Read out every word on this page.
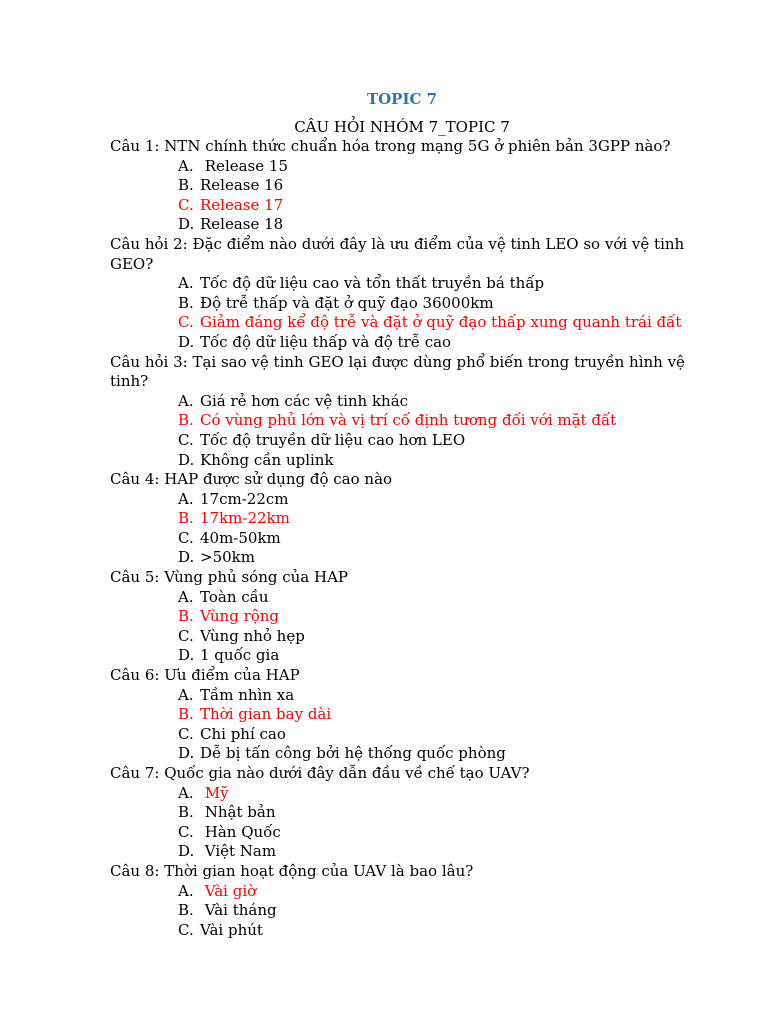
TOPIC 7
CÂU HỎI NHÓM 7_TOPIC 7

Câu 1: NTN chính thức chuẩn hóa trong mạng 5G ở phiên bản 3GPP nào?

A. Release 15
B. Release 16
C. Release 17
D. Release 18

Câu hỏi 2: Đặc điểm nào dưới đây là ưu điểm của vệ tinh LEO so với vệ tinh GEO?

A. Tốc độ dữ liệu cao và tổn thất truyền bá thấp
B. Độ trễ thấp và đặt ở quỹ đạo 36000km
C. Giảm đáng kể độ trễ và đặt ở quỹ đạo thấp xung quanh trái đất
D. Tốc độ dữ liệu thấp và độ trễ cao

Câu hỏi 3: Tại sao vệ tinh GEO lại được dùng phổ biến trong truyền hình vệ tinh?

A. Giá rẻ hơn các vệ tinh khác
B. Có vùng phủ lớn và vị trí cố định tương đối với mặt đất
C. Tốc độ truyền dữ liệu cao hơn LEO
D. Không cần uplink

Câu 4: HAP được sử dụng độ cao nào

A. 17cm-22cm
B. 17km-22km
C. 40m-50km
D. >50km

Câu 5: Vùng phủ sóng của HAP

A. Toàn cầu
B. Vùng rộng
C. Vùng nhỏ hẹp
D. 1 quốc gia

Câu 6: Ưu điểm của HAP

A. Tầm nhìn xa
B. Thời gian bay dài
C. Chi phí cao
D. Dễ bị tấn công bởi hệ thống quốc phòng

Câu 7: Quốc gia nào dưới đây dẫn đầu về chế tạo UAV?

A. Mỹ
B. Nhật bản
C. Hàn Quốc
D. Việt Nam

Câu 8: Thời gian hoạt động của UAV là bao lâu?

A. Vài giờ
B. Vài tháng
C. Vài phút
